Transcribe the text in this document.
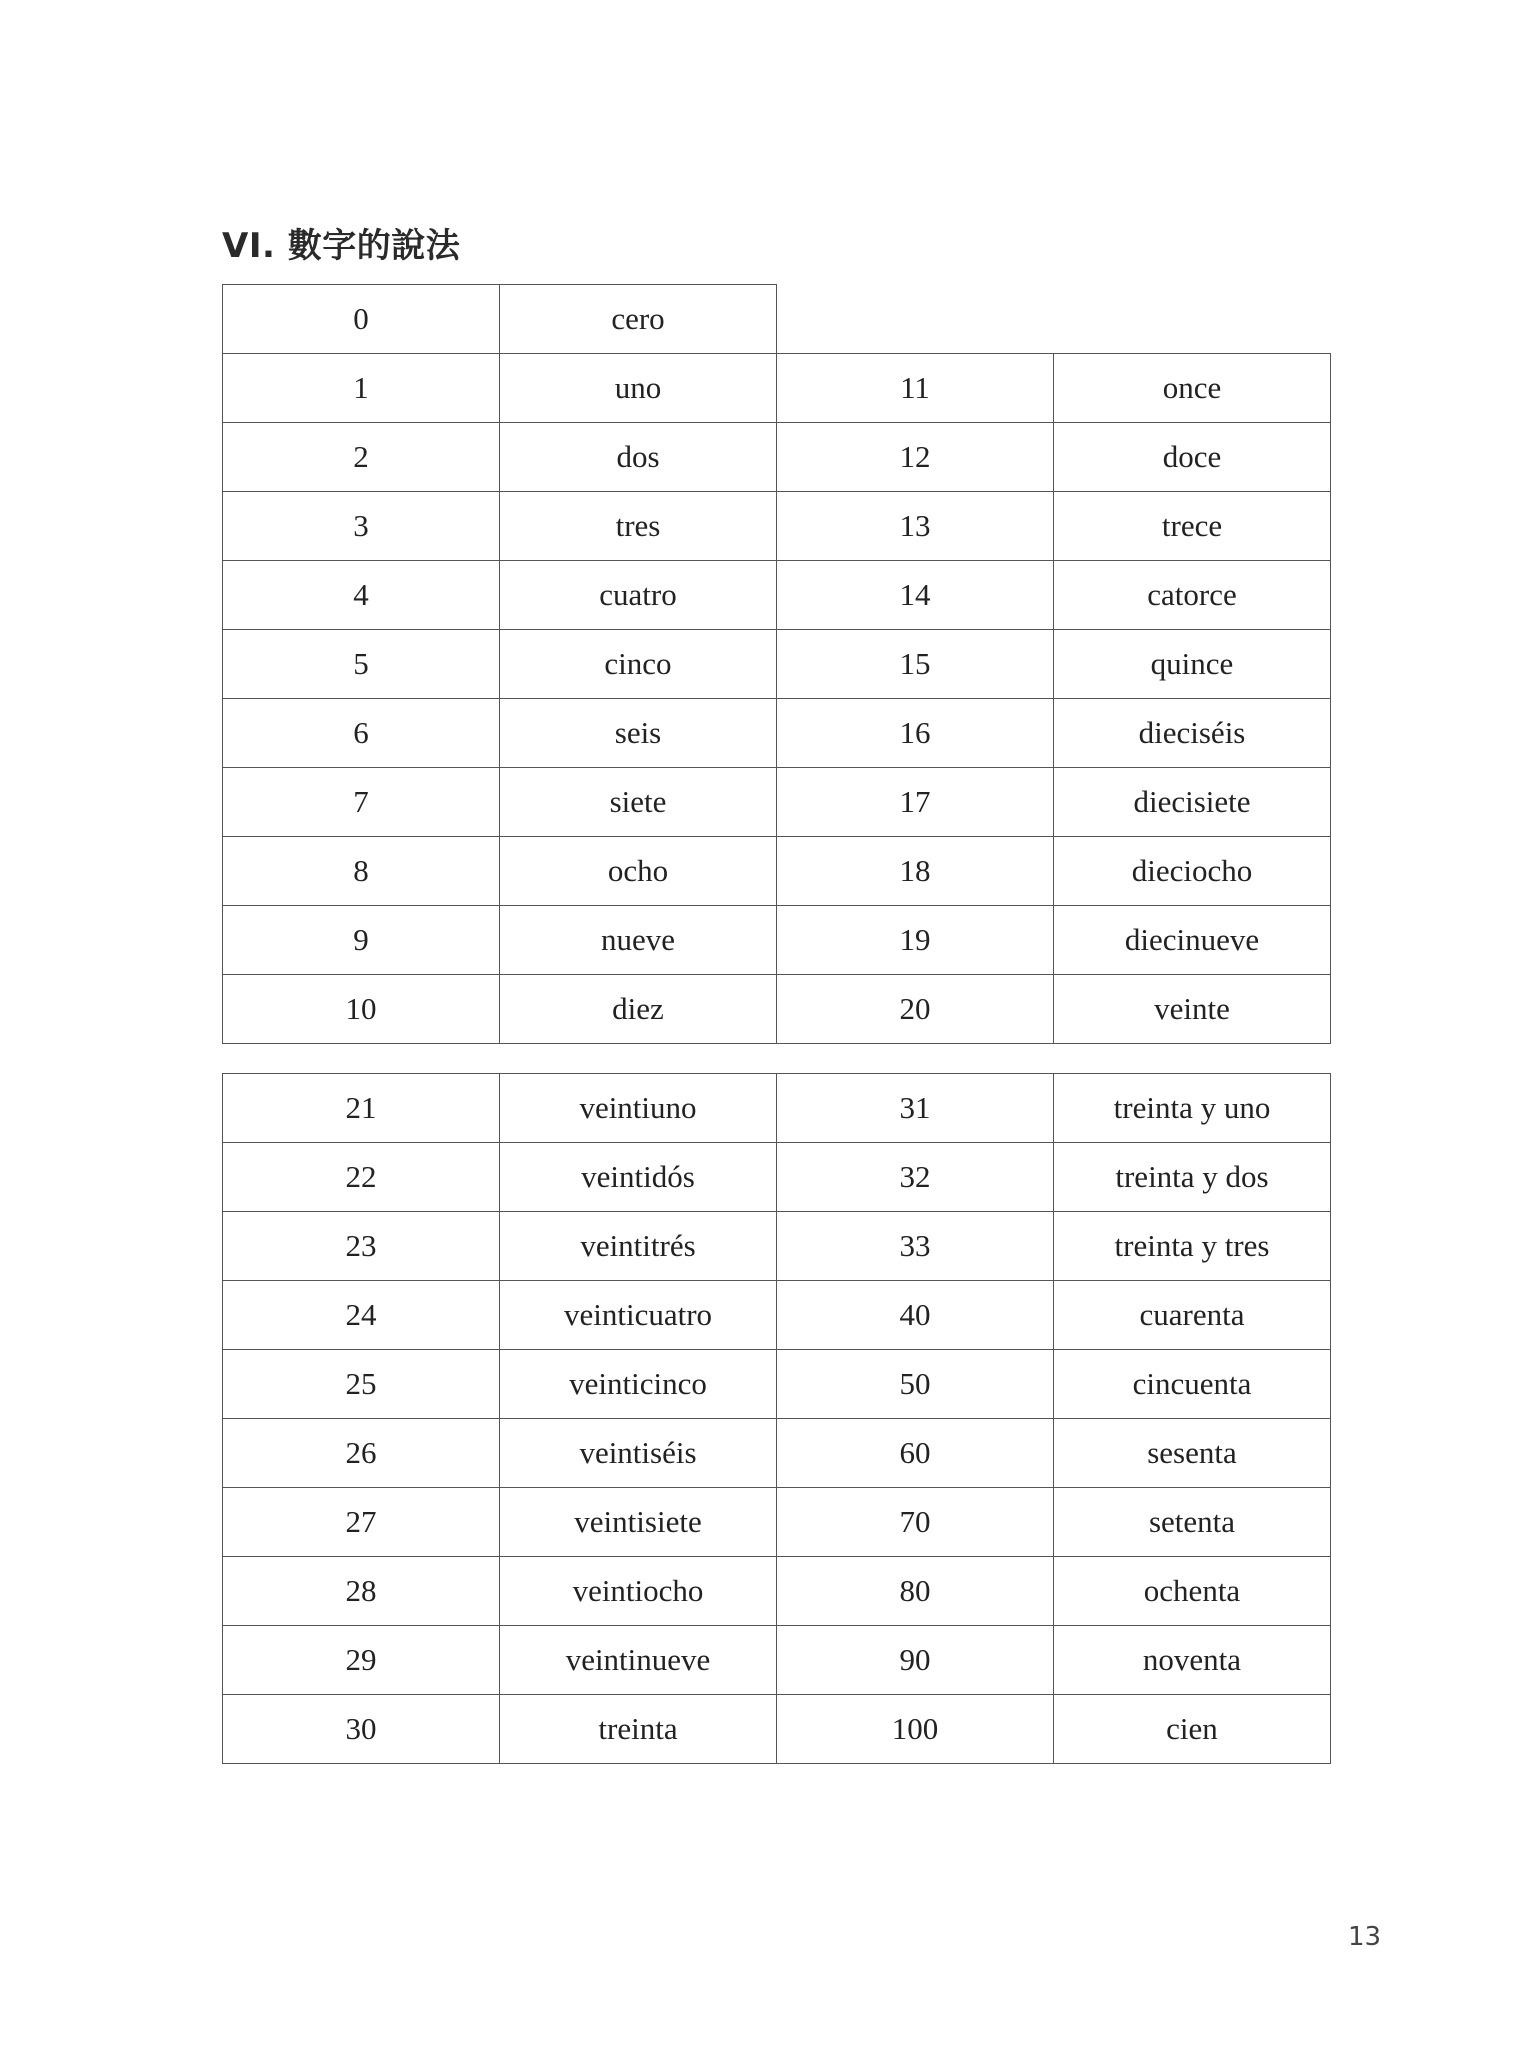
VI. 數字的說法
0	cero		
1	uno	11	once
2	dos	12	doce
3	tres	13	trece
4	cuatro	14	catorce
5	cinco	15	quince
6	seis	16	dieciséis
7	siete	17	diecisiete
8	ocho	18	dieciocho
9	nueve	19	diecinueve
10	diez	20	veinte
21	veintiuno	31	treinta y uno
22	veintidós	32	treinta y dos
23	veintitrés	33	treinta y tres
24	veinticuatro	40	cuarenta
25	veinticinco	50	cincuenta
26	veintiséis	60	sesenta
27	veintisiete	70	setenta
28	veintiocho	80	ochenta
29	veintinueve	90	noventa
30	treinta	100	cien
13
